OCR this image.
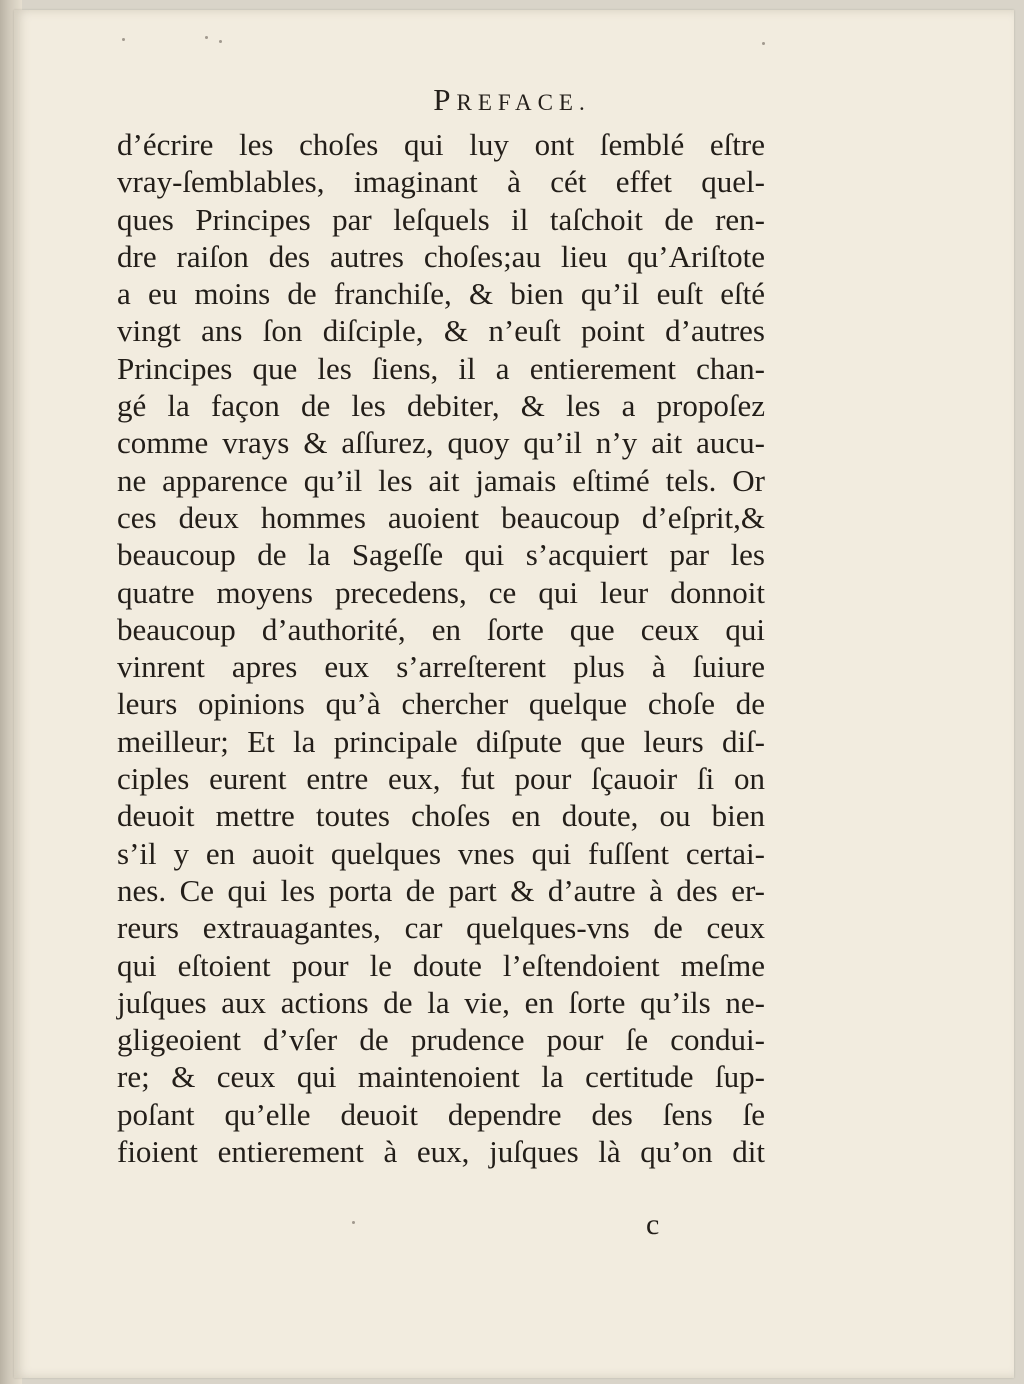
PREFACE.
d’écrire les choſes qui luy ont ſemblé eſtre
vray-ſemblables, imaginant à cét effet quel-
ques Principes par leſquels il taſchoit de ren-
dre raiſon des autres choſes;au lieu qu’Ariſtote
a eu moins de franchiſe, & bien qu’il euſt eſté
vingt ans ſon diſciple, & n’euſt point d’autres
Principes que les ſiens, il a entierement chan-
gé la façon de les debiter, & les a propoſez
comme vrays & aſſurez, quoy qu’il n’y ait aucu-
ne apparence qu’il les ait jamais eſtimé tels. Or
ces deux hommes auoient beaucoup d’eſprit,&
beaucoup de la Sageſſe qui s’acquiert par les
quatre moyens precedens, ce qui leur donnoit
beaucoup d’authorité, en ſorte que ceux qui
vinrent apres eux s’arreſterent plus à ſuiure
leurs opinions qu’à chercher quelque choſe de
meilleur; Et la principale diſpute que leurs diſ-
ciples eurent entre eux, fut pour ſçauoir ſi on
deuoit mettre toutes choſes en doute, ou bien
s’il y en auoit quelques vnes qui fuſſent certai-
nes. Ce qui les porta de part & d’autre à des er-
reurs extrauagantes, car quelques-vns de ceux
qui eſtoient pour le doute l’eſtendoient meſme
juſques aux actions de la vie, en ſorte qu’ils ne-
gligeoient d’vſer de prudence pour ſe condui-
re; & ceux qui maintenoient la certitude ſup-
poſant qu’elle deuoit dependre des ſens ſe
fioient entierement à eux, juſques là qu’on dit
c
